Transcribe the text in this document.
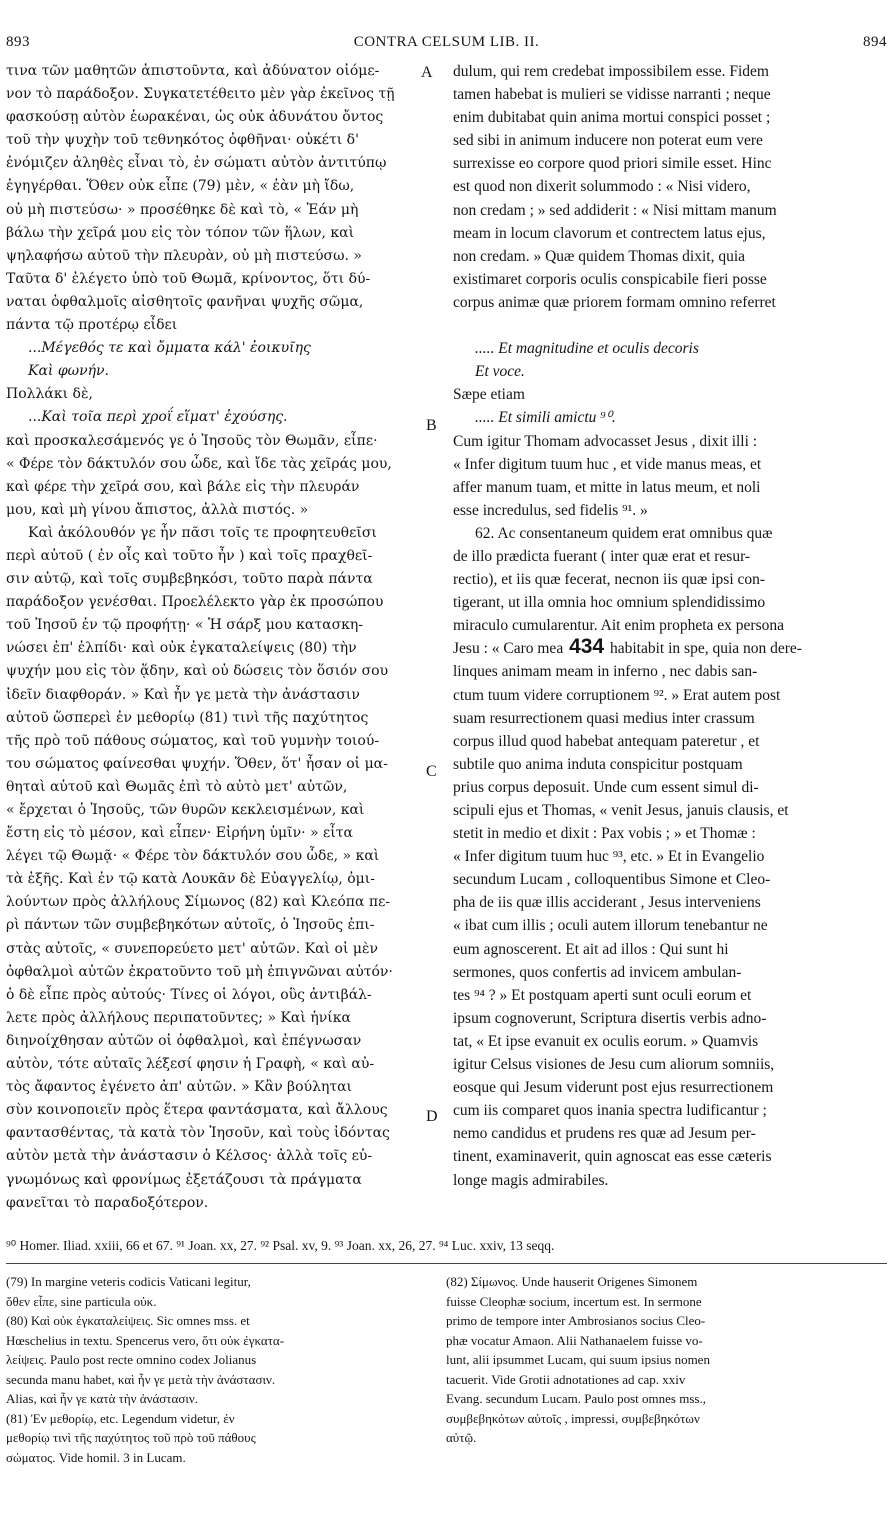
893	CONTRA CELSUM LIB. II.	894
τινα τῶν μαθητῶν ἀπιστοῦντα, καὶ ἀδύνατον οἰόμε-
νον τὸ παράδοξον. Συγκατετέθειτο μὲν γὰρ ἐκεῖνος τῇ
φασκούσῃ αὐτὸν ἑωρακέναι, ὡς οὐκ ἀδυνάτου ὄντος
τοῦ τὴν ψυχὴν τοῦ τεθνηκότος ὀφθῆναι· οὐκέτι δ'
ἐνόμιζεν ἀληθὲς εἶναι τὸ, ἐν σώματι αὐτὸν ἀντιτύπῳ
ἐγηγέρθαι. Ὅθεν οὐκ εἶπε (79) μὲν, « ἐὰν μὴ ἴδω,
οὐ μὴ πιστεύσω· » προσέθηκε δὲ καὶ τὸ, « Ἐάν μὴ
βάλω τὴν χεῖρά μου εἰς τὸν τόπον τῶν ἥλων, καὶ
ψηλαφήσω αὐτοῦ τὴν πλευρὰν, οὐ μὴ πιστεύσω. »
Ταῦτα δ' ἐλέγετο ὑπὸ τοῦ Θωμᾶ, κρίνοντος, ὅτι δύ-
ναται ὀφθαλμοῖς αἰσθητοῖς φανῆναι ψυχῆς σῶμα,
πάντα τῷ προτέρῳ εἶδει
...Μέγεθός τε καὶ ὄμματα κάλ' ἐοικυῖης
Καὶ φωνήν.
Πολλάκι δὲ,
...Καὶ τοῖα περὶ χροΐ εἵματ' ἐχούσης.
καὶ προσκαλεσάμενός γε ὁ Ἰησοῦς τὸν Θωμᾶν, εἶπε·
« Φέρε τὸν δάκτυλόν σου ὧδε, καὶ ἴδε τὰς χεῖράς μου,
καὶ φέρε τὴν χεῖρά σου, καὶ βάλε εἰς τὴν πλευράν
μου, καὶ μὴ γίνου ἄπιστος, ἀλλὰ πιστός. »
Καὶ ἀκόλουθόν γε ἦν πᾶσι τοῖς τε προφητευθεῖσι
περὶ αὐτοῦ ( ἐν οἷς καὶ τοῦτο ἦν ) καὶ τοῖς πραχθεῖ-
σιν αὐτῷ, καὶ τοῖς συμβεβηκόσι, τοῦτο παρὰ πάντα
παράδοξον γενέσθαι. Προελέλεκτο γὰρ ἐκ προσώπου
τοῦ Ἰησοῦ ἐν τῷ προφήτῃ· « Ἡ σάρξ μου κατασκη-
νώσει ἐπ' ἐλπίδι· καὶ οὐκ ἐγκαταλείψεις (80) τὴν
ψυχήν μου εἰς τὸν ᾅδην, καὶ οὐ δώσεις τὸν ὅσιόν σου
ἰδεῖν διαφθοράν. » Καὶ ἦν γε μετὰ τὴν ἀνάστασιν
αὐτοῦ ὥσπερεὶ ἐν μεθορίῳ (81) τινὶ τῆς παχύτητος
τῆς πρὸ τοῦ πάθους σώματος, καὶ τοῦ γυμνὴν τοιού-
του σώματος φαίνεσθαι ψυχήν. Ὅθεν, ὅτ' ἦσαν οἱ μα-
θηταὶ αὐτοῦ καὶ Θωμᾶς ἐπὶ τὸ αὐτὸ μετ' αὐτῶν,
« ἔρχεται ὁ Ἰησοῦς, τῶν θυρῶν κεκλεισμένων, καὶ
ἔστη εἰς τὸ μέσον, καὶ εἶπεν· Εἰρήνη ὑμῖν· » εἶτα
λέγει τῷ Θωμᾷ· « Φέρε τὸν δάκτυλόν σου ὧδε, » καὶ
τὰ ἑξῆς. Καὶ ἐν τῷ κατὰ Λουκᾶν δὲ Εὐαγγελίῳ, ὁμι-
λούντων πρὸς ἀλλήλους Σίμωνος (82) καὶ Κλεόπα πε-
ρὶ πάντων τῶν συμβεβηκότων αὐτοῖς, ὁ Ἰησοῦς ἐπι-
στὰς αὐτοῖς, « συνεπορεύετο μετ' αὐτῶν. Καὶ οἱ μὲν
ὀφθαλμοὶ αὐτῶν ἐκρατοῦντο τοῦ μὴ ἐπιγνῶναι αὐτόν·
ὁ δὲ εἶπε πρὸς αὐτούς· Τίνες οἱ λόγοι, οὓς ἀντιβάλ-
λετε πρὸς ἀλλήλους περιπατοῦντες; » Καὶ ἡνίκα
διηνοίχθησαν αὐτῶν οἱ ὀφθαλμοὶ, καὶ ἐπέγνωσαν
αὐτὸν, τότε αὐταῖς λέξεσί φησιν ἡ Γραφὴ, « καὶ αὐ-
τὸς ἄφαντος ἐγένετο ἀπ' αὐτῶν. » Κἂν βούληται
σὺν κοινοποιεῖν πρὸς ἕτερα φαντάσματα, καὶ ἄλλους
φαντασθέντας, τὰ κατὰ τὸν Ἰησοῦν, καὶ τοὺς ἰδόντας
αὐτὸν μετὰ τὴν ἀνάστασιν ὁ Κέλσος· ἀλλὰ τοῖς εὐ-
γνωμόνως καὶ φρονίμως ἐξετάζουσι τὰ πράγματα
φανεῖται τὸ παραδοξότερον.
dulum, qui rem credebat impossibilem esse. Fidem
tamen habebat is mulieri se vidisse narranti ; neque
enim dubitabat quin anima mortui conspici posset ;
sed sibi in animum inducere non poterat eum vere
surrexisse eo corpore quod priori simile esset. Hinc
est quod non dixerit solummodo : « Nisi videro,
non credam ; » sed addiderit : « Nisi mittam manum
meam in locum clavorum et contrectem latus ejus,
non credam. » Quæ quidem Thomas dixit, quia
existimaret corporis oculis conspicabile fieri posse
corpus animæ quæ priorem formam omnino referret
..... Et magnitudine et oculis decoris
Et voce.
Sæpe etiam
..... Et simili amictu ⁹⁰.
Cum igitur Thomam advocasset Jesus , dixit illi :
« Infer digitum tuum huc , et vide manus meas, et
affer manum tuam, et mitte in latus meum, et noli
esse incredulus, sed fidelis ⁹¹. »
62. Ac consentaneum quidem erat omnibus quæ
de illo prædicta fuerant ( inter quæ erat et resur-
rectio), et iis quæ fecerat, necnon iis quæ ipsi con-
tigerant, ut illa omnia hoc omnium splendidissimo
miraculo cumularentur. Ait enim propheta ex persona
Jesu : « Caro mea 434 habitabit in spe, quia non dere-
linques animam meam in inferno , nec dabis san-
ctum tuum videre corruptionem ⁹². » Erat autem post
suam resurrectionem quasi medius inter crassum
corpus illud quod habebat antequam pateretur , et
subtile quo anima induta conspicitur postquam
prius corpus deposuit. Unde cum essent simul di-
scipuli ejus et Thomas, « venit Jesus, januis clausis, et
stetit in medio et dixit : Pax vobis ; » et Thomæ :
« Infer digitum tuum huc ⁹³, etc. » Et in Evangelio
secundum Lucam , colloquentibus Simone et Cleo-
pha de iis quæ illis acciderant , Jesus interveniens
« ibat cum illis ; oculi autem illorum tenebantur ne
eum agnoscerent. Et ait ad illos : Qui sunt hi
sermones, quos confertis ad invicem ambulan-
tes ⁹⁴ ? » Et postquam aperti sunt oculi eorum et
ipsum cognoverunt, Scriptura disertis verbis adno-
tat, « Et ipse evanuit ex oculis eorum. » Quamvis
igitur Celsus visiones de Jesu cum aliorum somniis,
eosque qui Jesum viderunt post ejus resurrectionem
cum iis comparet quos inania spectra ludificantur ;
nemo candidus et prudens res quæ ad Jesum per-
tinent, examinaverit, quin agnoscat eas esse cæteris
longe magis admirabiles.
A
B
C
D
⁹⁰ Homer. Iliad. xxiii, 66 et 67. ⁹¹ Joan. xx, 27. ⁹² Psal. xv, 9. ⁹³ Joan. xx, 26, 27. ⁹⁴ Luc. xxiv, 13 seqq.
(79) In margine veteris codicis Vaticani legitur,
ὅθεν εἶπε, sine particula οὐκ.
(80) Καὶ οὐκ ἐγκαταλείψεις. Sic omnes mss. et
Hœschelius in textu. Spencerus vero, ὅτι οὐκ ἐγκατα-
λείψεις. Paulo post recte omnino codex Jolianus
secunda manu habet, καὶ ἦν γε μετὰ τὴν ἀνάστασιν.
Alias, καὶ ἦν γε κατὰ τὴν ἀνάστασιν.
(81) Ἐν μεθορίῳ, etc. Legendum videtur, ἐν
μεθορίῳ τινὶ τῆς παχύτητος τοῦ πρὸ τοῦ πάθους
σώματος. Vide homil. 3 in Lucam.
(82) Σίμωνος. Unde hauserit Origenes Simonem
fuisse Cleophæ socium, incertum est. In sermone
primo de tempore inter Ambrosianos socius Cleo-
phæ vocatur Amaon. Alii Nathanaelem fuisse vo-
lunt, alii ipsummet Lucam, qui suum ipsius nomen
tacuerit. Vide Grotii adnotationes ad cap. xxiv
Evang. secundum Lucam. Paulo post omnes mss.,
συμβεβηκότων αὐτοῖς , impressi, συμβεβηκότων
αὐτῷ.
